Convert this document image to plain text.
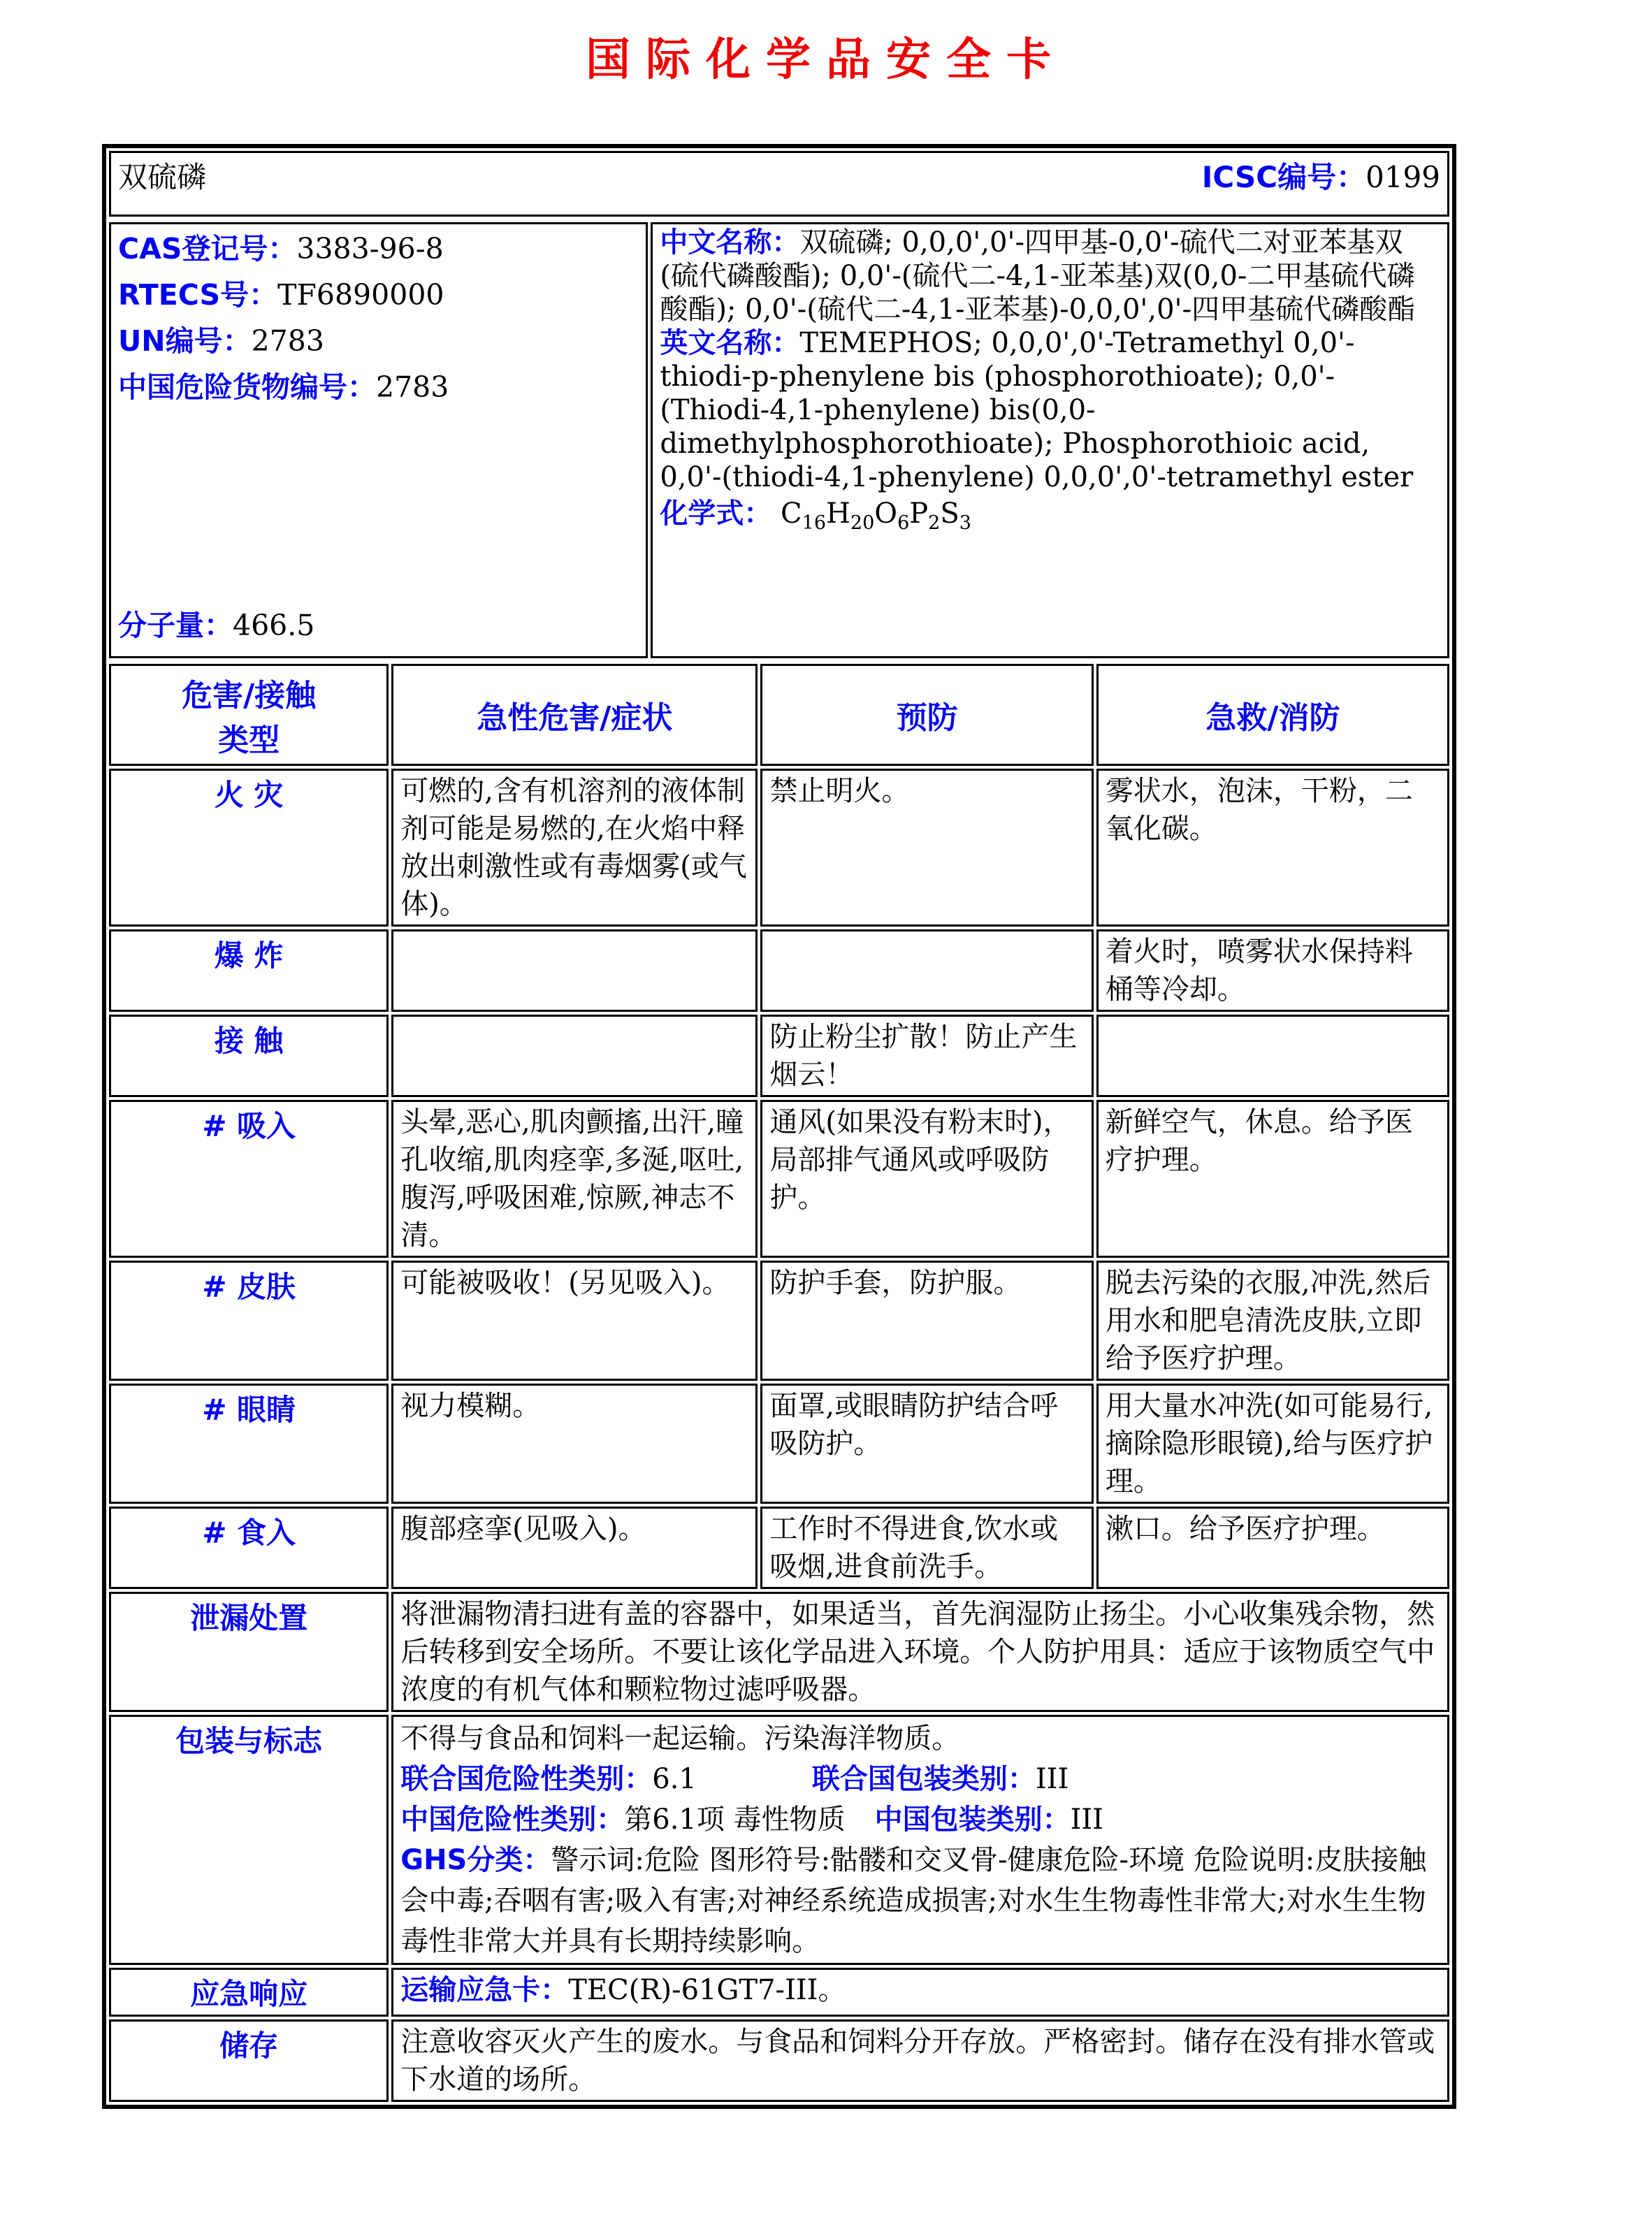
国际化学品安全卡
双硫磷	ICSC编号：0199
CAS登记号：3383-96-8
RTECS号：TF6890000
UN编号：2783
中国危险货物编号：2783
分子量：466.5

中文名称：双硫磷; 0,0,0',0'-四甲基-0,0'-硫代二对亚苯基双(硫代磷酸酯); 0,0'-(硫代二-4,1-亚苯基)双(0,0-二甲基硫代磷酸酯); 0,0'-(硫代二-4,1-亚苯基)-0,0,0',0'-四甲基硫代磷酸酯

英文名称：TEMEPHOS; 0,0,0',0'-Tetramethyl 0,0'-thiodi-p-phenylene bis (phosphorothioate); 0,0'-(Thiodi-4,1-phenylene) bis(0,0-dimethylphosphorothioate); Phosphorothioic acid, 0,0'-(thiodi-4,1-phenylene) 0,0,0',0'-tetramethyl ester

化学式： $C_{16}H_{20}O_6P_2S_3$
危害/接触
类型	急性危害/症状	预防	急救/消防
火 灾	可燃的,含有机溶剂的液体制剂可能是易燃的,在火焰中释放出刺激性或有毒烟雾(或气体)。	禁止明火。	雾状水，泡沫，干粉，二氧化碳。
爆 炸			着火时，喷雾状水保持料桶等冷却。
接 触		防止粉尘扩散！防止产生烟云！	
# 吸入	头晕,恶心,肌肉颤搐,出汗,瞳孔收缩,肌肉痉挛,多涎,呕吐,腹泻,呼吸困难,惊厥,神志不清。	通风(如果没有粉末时)，局部排气通风或呼吸防护。	新鲜空气，休息。给予医疗护理。
# 皮肤	可能被吸收！(另见吸入)。	防护手套，防护服。	脱去污染的衣服,冲洗,然后用水和肥皂清洗皮肤,立即给予医疗护理。
# 眼睛	视力模糊。	面罩,或眼睛防护结合呼吸防护。	用大量水冲洗(如可能易行,摘除隐形眼镜),给与医疗护理。
# 食入	腹部痉挛(见吸入)。	工作时不得进食,饮水或吸烟,进食前洗手。	漱口。给予医疗护理。
泄漏处置	将泄漏物清扫进有盖的容器中，如果适当，首先润湿防止扬尘。小心收集残余物，然后转移到安全场所。不要让该化学品进入环境。个人防护用具：适应于该物质空气中浓度的有机气体和颗粒物过滤呼吸器。		
包装与标志	不得与食品和饲料一起运输。污染海洋物质。
联合国危险性类别：6.1 联合国包装类别：III
中国危险性类别：第6.1项 毒性物质 中国包装类别：III
GHS分类：警示词:危险 图形符号:骷髅和交叉骨-健康危险-环境 危险说明:皮肤接触会中毒;吞咽有害;吸入有害;对神经系统造成损害;对水生生物毒性非常大;对水生生物毒性非常大并具有长期持续影响。		

应急响应	运输应急卡：TEC(R)-61GT7-III。		
储存	注意收容灭火产生的废水。与食品和饲料分开存放。严格密封。储存在没有排水管或下水道的场所。		
